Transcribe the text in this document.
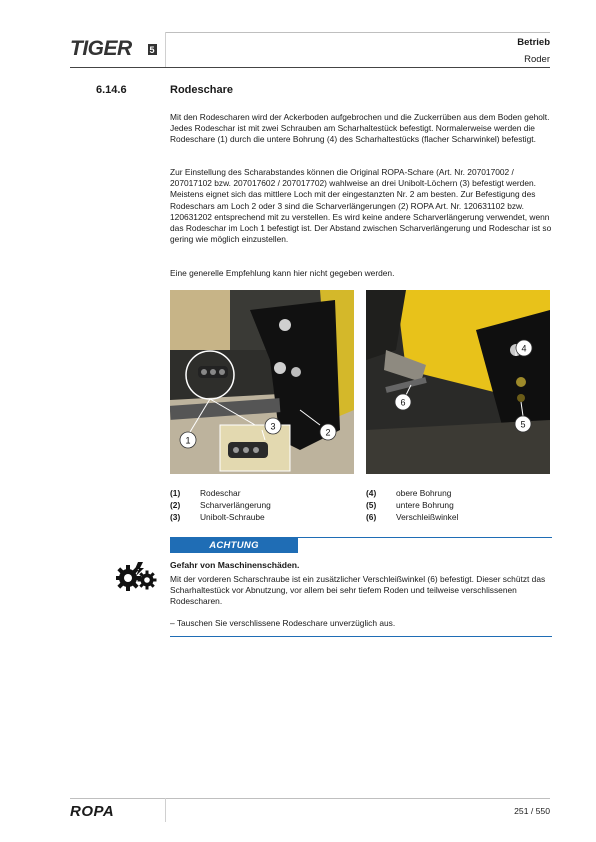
TIGER 5
Betrieb
Roder
6.14.6	Rodeschare

Mit den Rodescharen wird der Ackerboden aufgebrochen und die Zuckerrüben aus dem Boden geholt. Jedes Rodeschar ist mit zwei Schrauben am Scharhaltestück befestigt. Normalerweise werden die Rodeschare (1) durch die untere Bohrung (4) des Scharhaltestücks (flacher Scharwinkel) befestigt.

Zur Einstellung des Scharabstandes können die Original ROPA-Schare (Art. Nr. 207017002 / 207017102 bzw. 207017602 / 207017702) wahlweise an drei Unibolt-Löchern (3) befestigt werden. Meistens eignet sich das mittlere Loch mit der eingestanzten Nr. 2 am besten. Zur Befestigung des Rodeschars am Loch 2 oder 3 sind die Scharverlängerungen (2) ROPA Art. Nr. 120631102 bzw. 120631202 entsprechend mit zu verstellen. Es wird keine andere Scharverlängerung verwendet, wenn das Rodeschar im Loch 1 befestigt ist. Der Abstand zwischen Scharverlängerung und Rodeschar ist so gering wie möglich einzustellen.

Eine generelle Empfehlung kann hier nicht gegeben werden.

1
2
3
4
5
6
(1)	Rodeschar
(2)	Scharverlängerung
(3)	Unibolt-Schraube
(4)	obere Bohrung
(5)	untere Bohrung
(6)	Verschleißwinkel
ACHTUNG
Gefahr von Maschinenschäden.

Mit der vorderen Scharschraube ist ein zusätzlicher Verschleißwinkel (6) befestigt. Dieser schützt das Scharhaltestück vor Abnutzung, vor allem bei sehr tiefem Roden und teilweise verschlissenen Rodescharen.

– Tauschen Sie verschlissene Rodeschare unverzüglich aus.
ROPA	251 / 550
